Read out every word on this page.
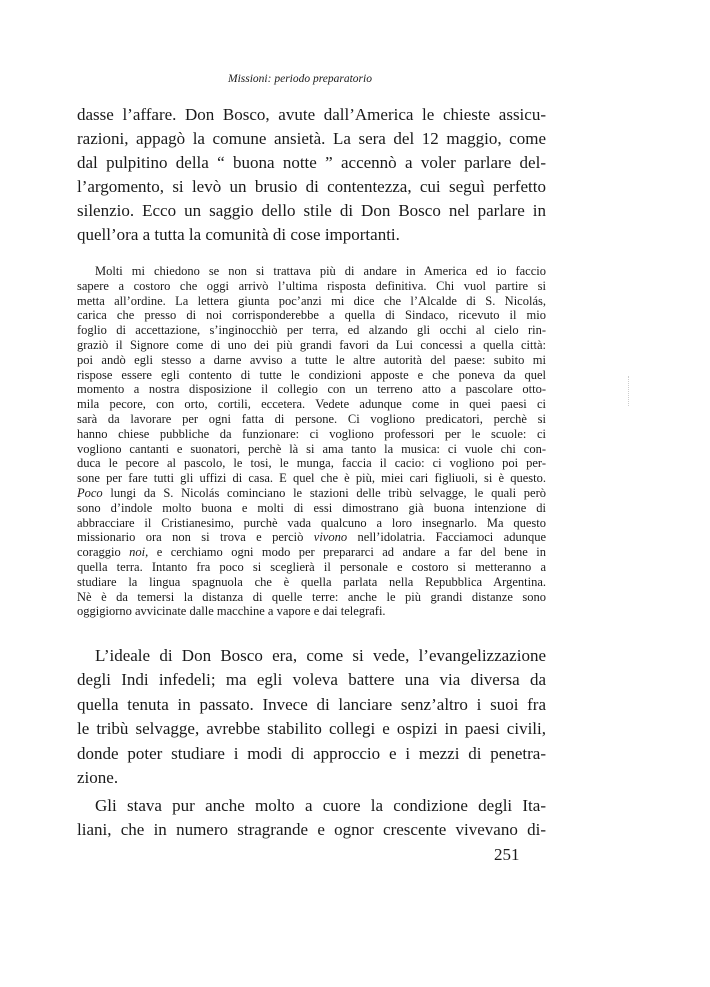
Missioni: periodo preparatorio
dasse l’affare. Don Bosco, avute dall’America le chieste assicu-
razioni, appagò la comune ansietà. La sera del 12 maggio, come
dal pulpitino della “ buona notte ” accennò a voler parlare del-
l’argomento, si levò un brusio di contentezza, cui seguì perfetto
silenzio. Ecco un saggio dello stile di Don Bosco nel parlare in
quell’ora a tutta la comunità di cose importanti.
Molti mi chiedono se non si trattava più di andare in America ed io faccio
sapere a costoro che oggi arrivò l’ultima risposta definitiva. Chi vuol partire si
metta all’ordine. La lettera giunta poc’anzi mi dice che l’Alcalde di S. Nicolás,
carica che presso di noi corrisponderebbe a quella di Sindaco, ricevuto il mio
foglio di accettazione, s’inginocchiò per terra, ed alzando gli occhi al cielo rin-
graziò il Signore come di uno dei più grandi favori da Lui concessi a quella città:
poi andò egli stesso a darne avviso a tutte le altre autorità del paese: subito mi
rispose essere egli contento di tutte le condizioni apposte e che poneva da quel
momento a nostra disposizione il collegio con un terreno atto a pascolare otto-
mila pecore, con orto, cortili, eccetera. Vedete adunque come in quei paesi ci
sarà da lavorare per ogni fatta di persone. Ci vogliono predicatori, perchè si
hanno chiese pubbliche da funzionare: ci vogliono professori per le scuole: ci
vogliono cantanti e suonatori, perchè là si ama tanto la musica: ci vuole chi con-
duca le pecore al pascolo, le tosi, le munga, faccia il cacio: ci vogliono poi per-
sone per fare tutti gli uffizi di casa. E quel che è più, miei cari figliuoli, si è questo.
Poco lungi da S. Nicolás cominciano le stazioni delle tribù selvagge, le quali però
sono d’indole molto buona e molti di essi dimostrano già buona intenzione di
abbracciare il Cristianesimo, purchè vada qualcuno a loro insegnarlo. Ma questo
missionario ora non si trova e perciò vivono nell’idolatria. Facciamoci adunque
coraggio noi, e cerchiamo ogni modo per prepararci ad andare a far del bene in
quella terra. Intanto fra poco si sceglierà il personale e costoro si metteranno a
studiare la lingua spagnuola che è quella parlata nella Repubblica Argentina.
Nè è da temersi la distanza di quelle terre: anche le più grandi distanze sono
oggigiorno avvicinate dalle macchine a vapore e dai telegrafi.
L’ideale di Don Bosco era, come si vede, l’evangelizzazione
degli Indi infedeli; ma egli voleva battere una via diversa da
quella tenuta in passato. Invece di lanciare senz’altro i suoi fra
le tribù selvagge, avrebbe stabilito collegi e ospizi in paesi civili,
donde poter studiare i modi di approccio e i mezzi di penetra-
zione.
Gli stava pur anche molto a cuore la condizione degli Ita-
liani, che in numero stragrande e ognor crescente vivevano di-
251
